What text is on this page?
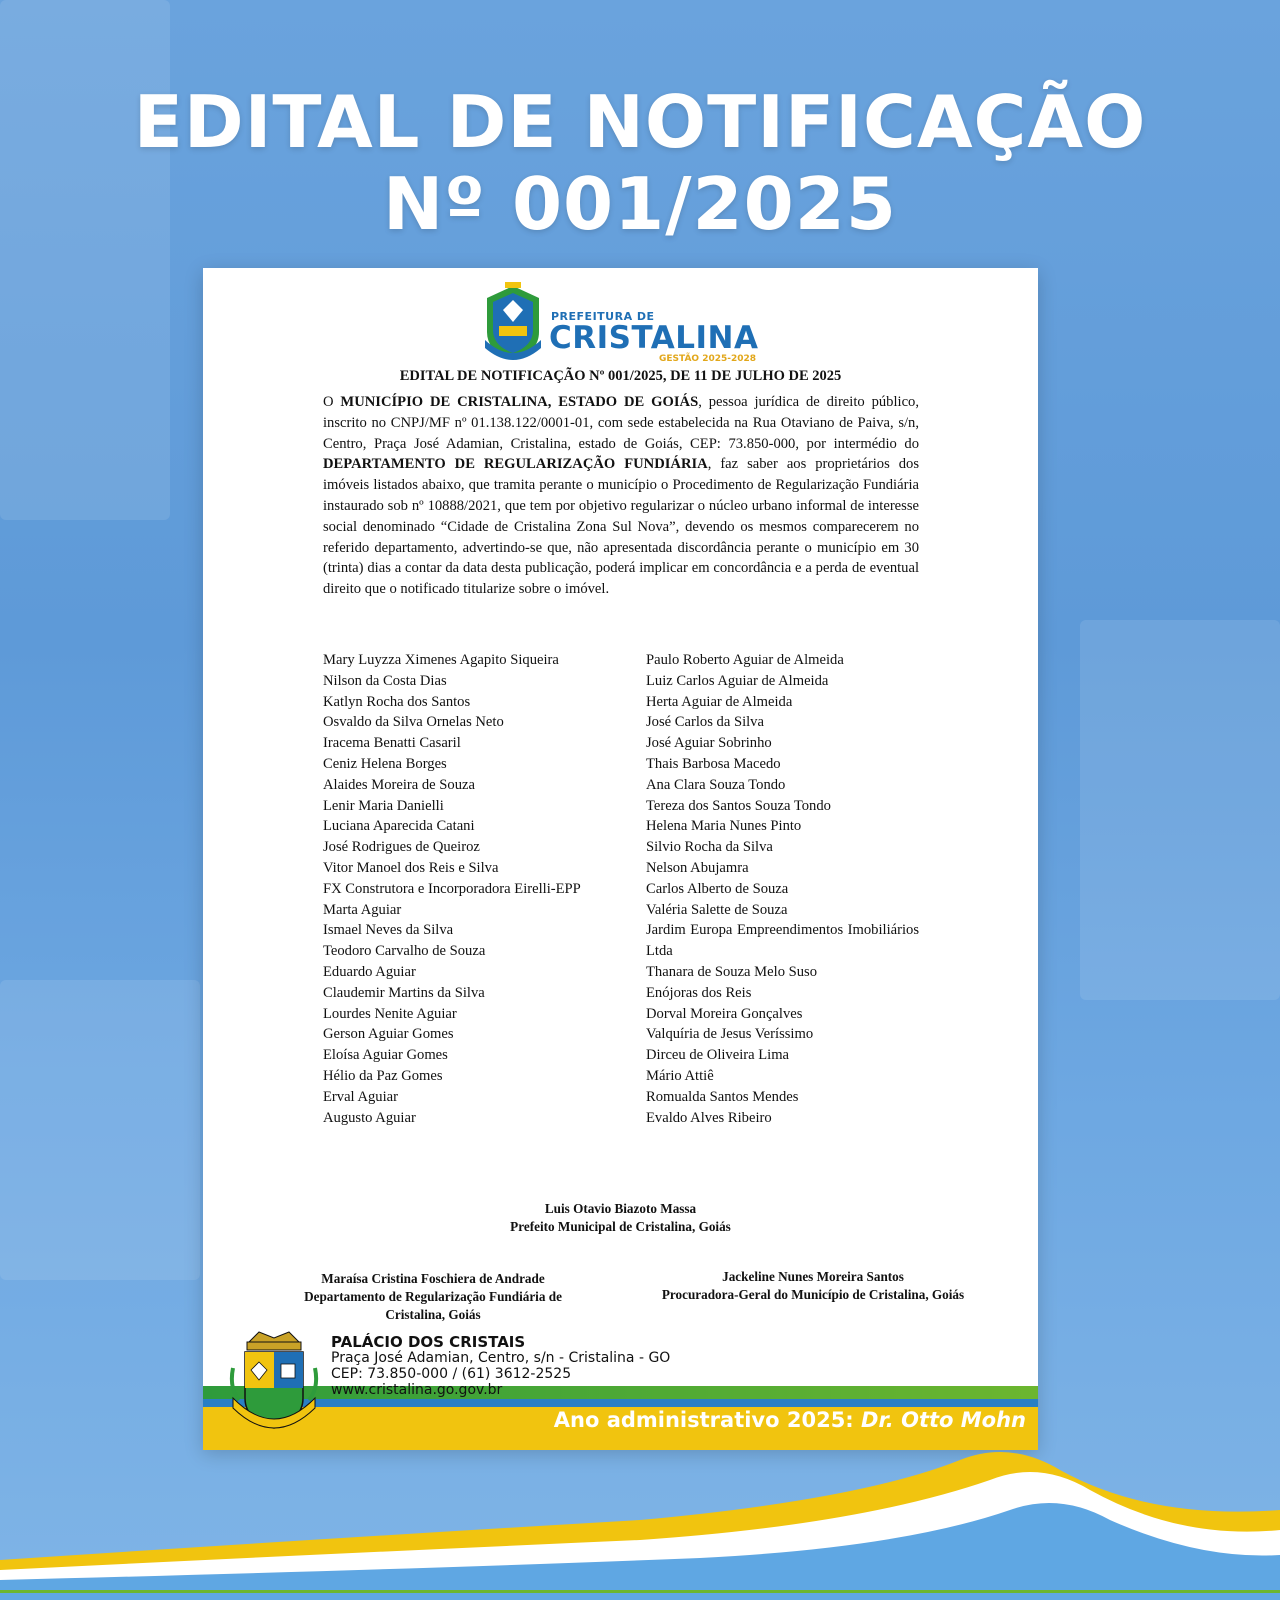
EDITAL DE NOTIFICAÇÃO
Nº 001/2025
PREFEITURA DE
CRISTALINA
GESTÃO 2025-2028
EDITAL DE NOTIFICAÇÃO Nº 001/2025, DE 11 DE JULHO DE 2025
O MUNICÍPIO DE CRISTALINA, ESTADO DE GOIÁS, pessoa jurídica de direito público, inscrito no CNPJ/MF nº 01.138.122/0001-01, com sede estabelecida na Rua Otaviano de Paiva, s/n, Centro, Praça José Adamian, Cristalina, estado de Goiás, CEP: 73.850-000, por intermédio do DEPARTAMENTO DE REGULARIZAÇÃO FUNDIÁRIA, faz saber aos proprietários dos imóveis listados abaixo, que tramita perante o município o Procedimento de Regularização Fundiária instaurado sob nº 10888/2021, que tem por objetivo regularizar o núcleo urbano informal de interesse social denominado “Cidade de Cristalina Zona Sul Nova”, devendo os mesmos comparecerem no referido departamento, advertindo-se que, não apresentada discordância perante o município em 30 (trinta) dias a contar da data desta publicação, poderá implicar em concordância e a perda de eventual direito que o notificado titularize sobre o imóvel.
Mary Luyzza Ximenes Agapito Siqueira
Nilson da Costa Dias
Katlyn Rocha dos Santos
Osvaldo da Silva Ornelas Neto
Iracema Benatti Casaril
Ceniz Helena Borges
Alaides Moreira de Souza
Lenir Maria Danielli
Luciana Aparecida Catani
José Rodrigues de Queiroz
Vitor Manoel dos Reis e Silva
FX Construtora e Incorporadora Eirelli-EPP
Marta Aguiar
Ismael Neves da Silva
Teodoro Carvalho de Souza
Eduardo Aguiar
Claudemir Martins da Silva
Lourdes Nenite Aguiar
Gerson Aguiar Gomes
Eloísa Aguiar Gomes
Hélio da Paz Gomes
Erval Aguiar
Augusto Aguiar
Paulo Roberto Aguiar de Almeida
Luiz Carlos Aguiar de Almeida
Herta Aguiar de Almeida
José Carlos da Silva
José Aguiar Sobrinho
Thais Barbosa Macedo
Ana Clara Souza Tondo
Tereza dos Santos Souza Tondo
Helena Maria Nunes Pinto
Silvio Rocha da Silva
Nelson Abujamra
Carlos Alberto de Souza
Valéria Salette de Souza
Jardim Europa Empreendimentos Imobiliários Ltda
Thanara de Souza Melo Suso
Enójoras dos Reis
Dorval Moreira Gonçalves
Valquíria de Jesus Veríssimo
Dirceu de Oliveira Lima
Mário Attiê
Romualda Santos Mendes
Evaldo Alves Ribeiro
Luis Otavio Biazoto Massa
Prefeito Municipal de Cristalina, Goiás
Maraísa Cristina Foschiera de Andrade
Departamento de Regularização Fundiária de Cristalina, Goiás
Jackeline Nunes Moreira Santos
Procuradora-Geral do Município de Cristalina, Goiás
PALÁCIO DOS CRISTAIS
Praça José Adamian, Centro, s/n - Cristalina - GO
CEP: 73.850-000 / (61) 3612-2525
www.cristalina.go.gov.br
Ano administrativo 2025: Dr. Otto Mohn
